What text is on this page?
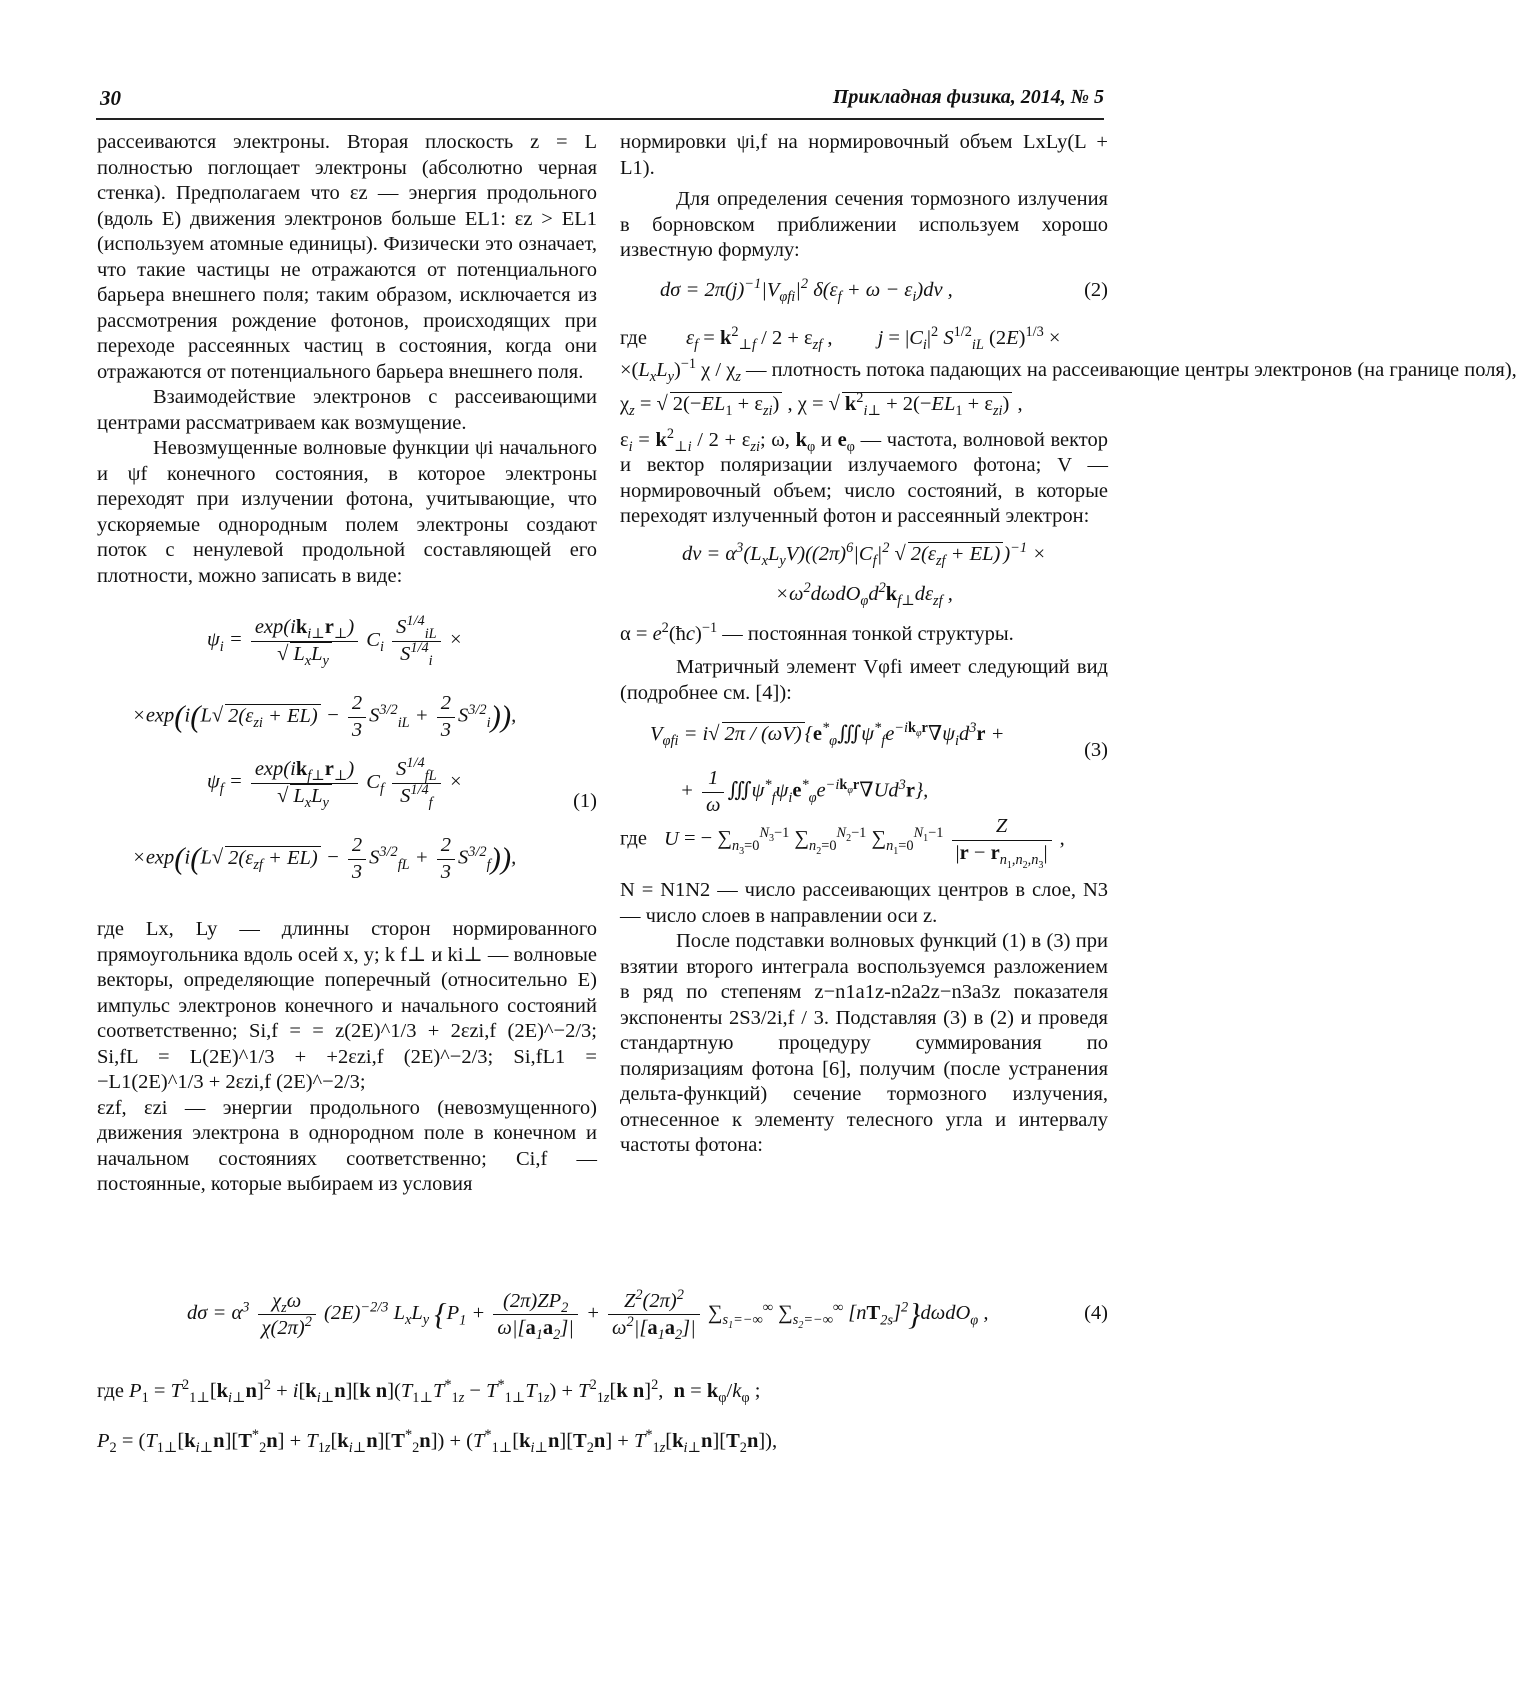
30	Прикладная физика, 2014, № 5

рассеиваются электроны. Вторая плоскость z = L полностью поглощает электроны (абсолютно черная стенка). Предполагаем что εz — энергия продольного (вдоль E) движения электронов больше EL1: εz > EL1 (используем атомные единицы). Физически это означает, что такие частицы не отражаются от потенциального барьера внешнего поля; таким образом, исключается из рассмотрения рождение фотонов, происходящих при переходе рассеянных частиц в состояния, когда они отражаются от потенциального барьера внешнего поля.

Взаимодействие электронов с рассеивающими центрами рассматриваем как возмущение.

Невозмущенные волновые функции ψi начального и ψf конечного состояния, в которое электроны переходят при излучении фотона, учитывающие, что ускоряемые однородным полем электроны создают поток с ненулевой продольной составляющей его плотности, можно записать в виде:

$\psi_i = \frac{\exp(ik_{i\perp}r_\perp)}{√ L_xL_y} C_i \frac{S^{1/4}_{iL}}{S^{1/4}_i}$ ×
×exp(i(L√ $2(\varepsilon_{zi} + EL) - \frac{2}{3} S^{3/2}_{iL} + \frac{2}{3} S^{3/2}_i$)),
$\psi_f = \frac{\exp(ik_{f\perp}r_\perp)}{√ L_xL_y} C_f \frac{S^{1/4}_{fL}}{S^{1/4}_f}$ ×
×exp(i(L√ $2(\varepsilon_{zf} + EL) - \frac{2}{3} S^{3/2}_{fL} + \frac{2}{3} S^{3/2}_f$)),
(1)

где Lx, Ly — длинны сторон нормированного прямоугольника вдоль осей x, y; k f⊥ и ki⊥ — волновые векторы, определяющие поперечный (относительно E) импульс электронов конечного и начального состояний соответственно; Si,f = = z(2E)^1/3 + 2εzi,f (2E)^−2/3; Si,fL = L(2E)^1/3 + +2εzi,f (2E)^−2/3; Si,fL1 = −L1(2E)^1/3 + 2εzi,f (2E)^−2/3;

εzf, εzi — энергии продольного (невозмущенного) движения электрона в однородном поле в конечном и начальном состояниях соответственно; Ci,f — постоянные, которые выбираем из условия

нормировки ψi,f на нормировочный объем LxLy(L + L1).

Для определения сечения тормозного излучения в борновском приближении используем хорошо известную формулу:

$d\sigma = 2\pi(j)^{-1}|V_{\varphi fi}|^2$ $\delta(\varepsilon_f + \omega - \varepsilon_i)d\nu$ ,	(2)
где $\varepsilon_f = k^2_{\perp f} / 2 + \varepsilon_{zf}$ , $j = |C_i|^2$ $S^{1/2}_{iL}$ $(2E)^{1/3}$ ×
$\times(L_xL_y)^{-1}$ χ / $\chi_z$ — плотность потока падающих на рассеивающие центры электронов (на границе поля),
$\chi_z$ = √ $2(-EL_1 + \varepsilon_{zi})$ , χ = √ $k^2_{i\perp} + 2(-EL_1 + \varepsilon_{zi})$ ,
$\varepsilon_i = k^2_{\perp i} / 2 + \varepsilon_{zi}$; ω, $k_\varphi$ и $e_\varphi$ — частота, волновой вектор и вектор поляризации излучаемого фотона; V — нормировочный объем; число состояний, в которые переходят излученный фотон и рассеянный электрон:
$d\nu = \alpha^3(L_xL_yV)((2\pi)^6|C_f|^2$ √ $2(\varepsilon_{zf} + EL) )^{-1}$ ×
$\times\omega^2d\omega dO_\varphi d^2k_{f\perp}d\varepsilon_{zf}$ ,
$\alpha = e^2(ħc)^{-1}$ — постоянная тонкой структуры.

Матричный элемент Vφfi имеет следующий вид (подробнее см. [4]):

$V_{\varphi fi} = i√$ 2π / (ωV) {$e^*_\varphi∭\psi^*_fe^{-ik_\varphi r}\nabla\psi_id^3r$ +
+ $\frac{1}{\omega}$ $∭\psi^*_f\psi_ie^*_\varphi e^{-ik_\varphi r}\nabla Ud^3r$},
(3)
где U = − $\sum_{n_3=0}^{N_3-1}$ $\sum_{n_2=0}^{N_2-1}$ $\sum_{n_1=0}^{N_1-1} \frac{Z}{|r - r_{n_1,n_2,n_3}|}$ ,

N = N1N2 — число рассеивающих центров в слое, N3 — число слоев в направлении оси z.

После подставки волновых функций (1) в (3) при взятии второго интеграла воспользуемся разложением в ряд по степеням z−n1a1z-n2a2z−n3a3z показателя экспоненты 2S3/2i,f / 3. Подставляя (3) в (2) и проведя стандартную процедуру суммирования по поляризациям фотона [6], получим (после устранения дельта-функций) сечение тормозного излучения, отнесенное к элементу телесного угла и интервалу частоты фотона:

$d\sigma = \alpha^3 \frac{\chi_z\omega}{\chi(2\pi)^2} (2E)^{-2/3}$ $L_xL_y$ {$P_1 + \frac{(2\pi)ZP_2}{\omega|[a_1a_2]|} + \frac{Z^2(2\pi)^2}{\omega^2|[a_1a_2]|} \sum_{s_1=-\infty}^\infty$ $\sum_{s_2=-\infty}^\infty$ $[nT_{2s}]^2\}d\omega dO_\varphi$ ,	(4)
где $P_1 = T^2_{1\perp}[k_{i\perp}n]^2 + i[k_{i\perp}n][k$ $n](T_{1\perp}T^*_{1z} - T^*_{1\perp}T_{1z}) + T^2_{1z}[k$ n]$^2$,  $n = k_\varphi/k_\varphi$ ;
$P_2 = (T_{1\perp}[k_{i\perp}n][T^*_2n] + T_{1z}[k_{i\perp}n][T^*_2n]) + (T^*_{1\perp}[k_{i\perp}n][T_2n] + T^*_{1z}[k_{i\perp}n][T_2n])$,
